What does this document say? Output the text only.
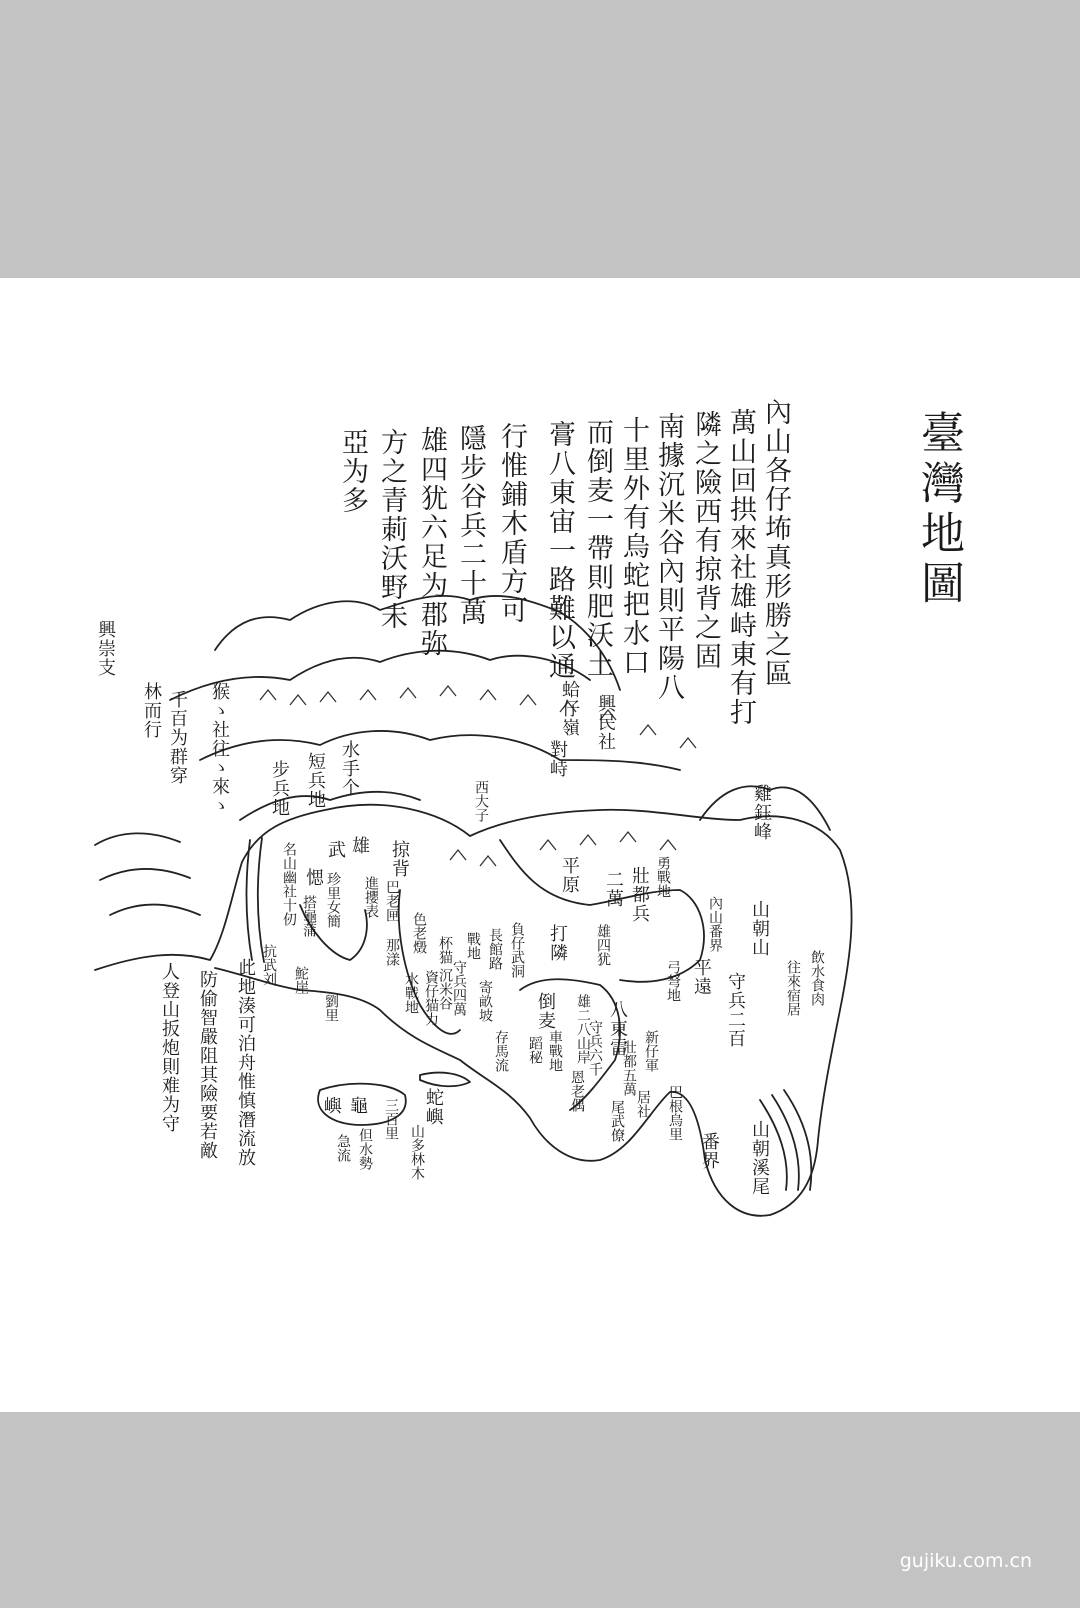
臺灣地圖
內山各仔㘵真形勝之區
萬山回拱來社雄峙東有打
隣之險西有掠背之固
南據沉米谷內則平陽八
十里外有烏蛇把水口
而倒麦一帶則肥沃土
膏八東宙一路難以通
行惟鋪木盾方可
隱步谷兵二十萬
雄四犹六足为郡弥
方之青莿沃野未
亞为多
興崇支
林而行 千百为群穿 猴ゝ社往ゝ來ゝ	水手个
短兵地
步兵地
蛤仔嶺
對峙
興民社
雞鈺峰
西大子
雄
武
名山幽社十仞 愢 珍里女簡
搭龜蒲
掠背
進攖表 巴老匣 那漾
平原	勇戰地
壯都兵
二萬
山朝山
內山番界
平遠 守兵二百	飲水食肉
往來宿居
弓弩地
雄四犹
打隣
負仔武洞
長館路
戰地
守兵四萬
沉米谷 寄畝坡
杯猫
資仔猫力
色老燬
水戰地
劉里
抗武刘 鮀崖
倒麦 雄二八山岸 八東雷
守兵六千
恩老偶
車戰地
蹈秘
存馬流	新仔軍
壯都五萬
居社
尾武僚	巴根烏里
山朝溪尾
番界
此地湊可泊舟惟慎潛流放
防偷智嚴阻其險要若敵
人登山扳炮則难为守	三百里
龜
嶼
但水勢
急流	山多林木
蛇嶼
gujiku.com.cn
